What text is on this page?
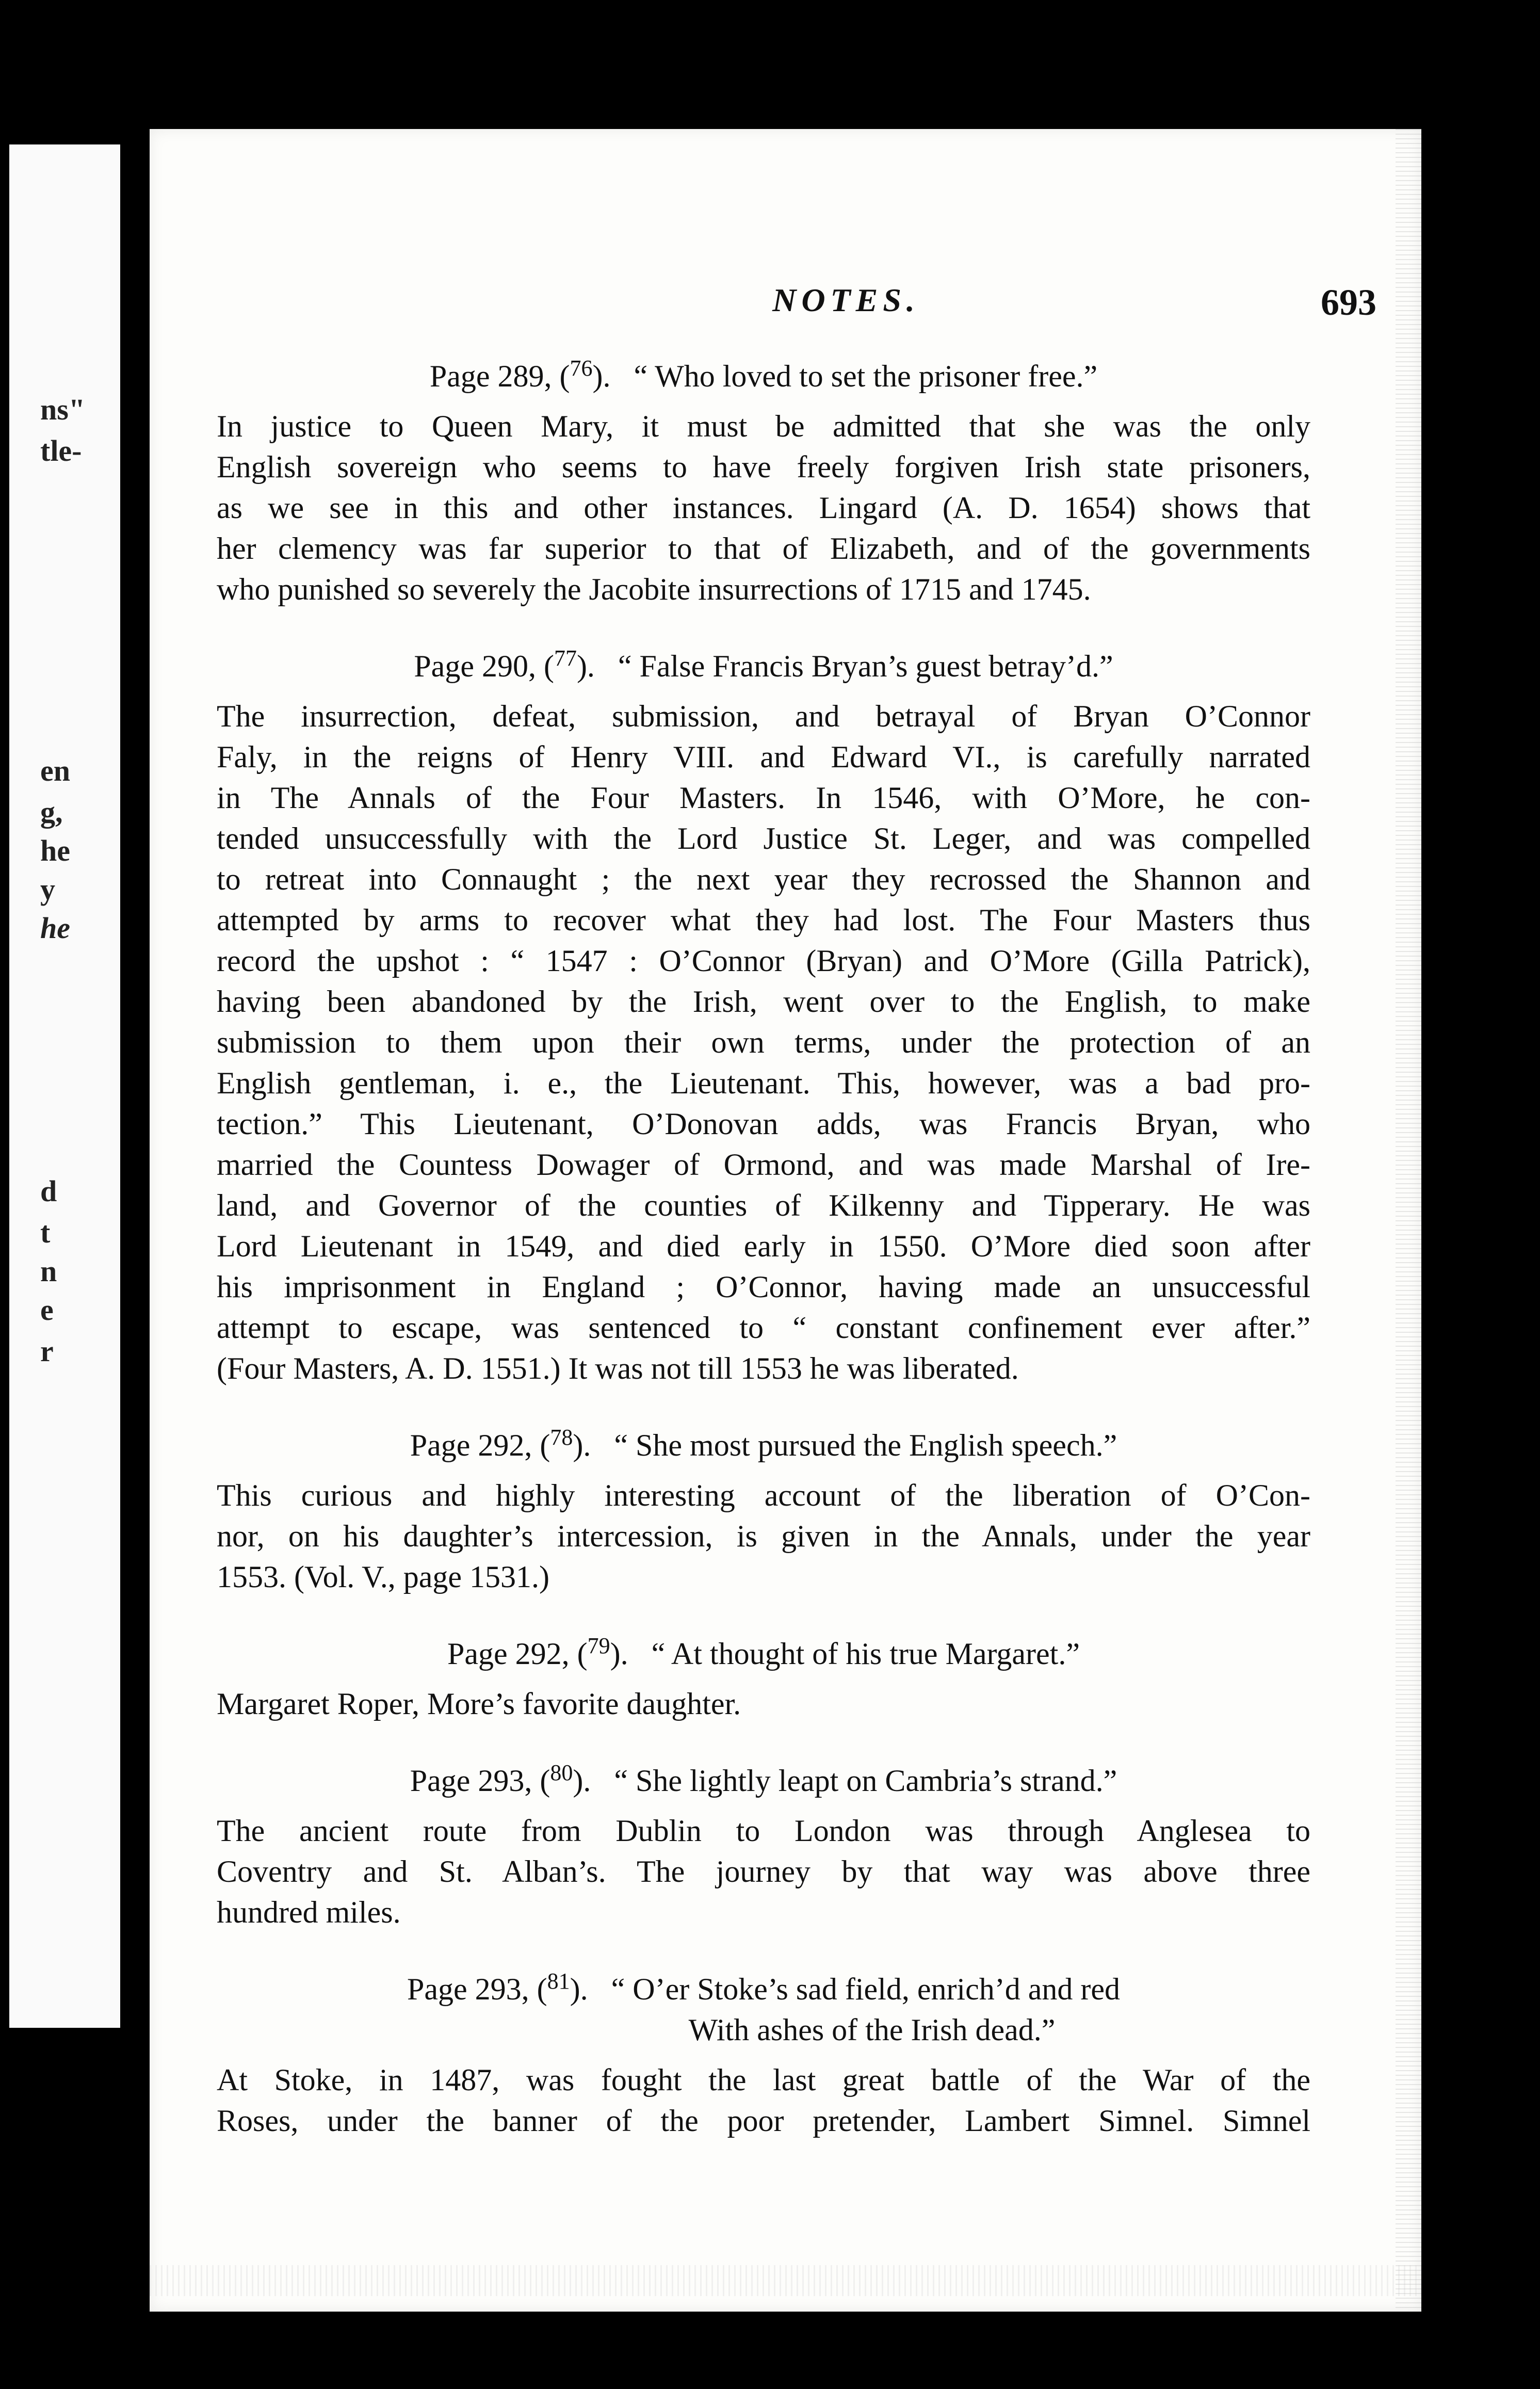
ns"
tle-
en
g,
he
y
he
d
t
n
e
r
NOTES.	693
Page 289, ($^{76}$). “ Who loved to set the prisoner free.”
In justice to Queen Mary, it must be admitted that she was the only
English sovereign who seems to have freely forgiven Irish state prisoners,
as we see in this and other instances. Lingard (A. D. 1654) shows that
her clemency was far superior to that of Elizabeth, and of the governments
who punished so severely the Jacobite insurrections of 1715 and 1745.
Page 290, ($^{77}$). “ False Francis Bryan’s guest betray’d.”
The insurrection, defeat, submission, and betrayal of Bryan O’Connor
Faly, in the reigns of Henry VIII. and Edward VI., is carefully narrated
in The Annals of the Four Masters. In 1546, with O’More, he con-
tended unsuccessfully with the Lord Justice St. Leger, and was compelled
to retreat into Connaught ; the next year they recrossed the Shannon and
attempted by arms to recover what they had lost. The Four Masters thus
record the upshot : “ 1547 : O’Connor (Bryan) and O’More (Gilla Patrick),
having been abandoned by the Irish, went over to the English, to make
submission to them upon their own terms, under the protection of an
English gentleman, i. e., the Lieutenant. This, however, was a bad pro-
tection.” This Lieutenant, O’Donovan adds, was Francis Bryan, who
married the Countess Dowager of Ormond, and was made Marshal of Ire-
land, and Governor of the counties of Kilkenny and Tipperary. He was
Lord Lieutenant in 1549, and died early in 1550. O’More died soon after
his imprisonment in England ; O’Connor, having made an unsuccessful
attempt to escape, was sentenced to “ constant confinement ever after.”
(Four Masters, A. D. 1551.) It was not till 1553 he was liberated.
Page 292, ($^{78}$). “ She most pursued the English speech.”
This curious and highly interesting account of the liberation of O’Con-
nor, on his daughter’s intercession, is given in the Annals, under the year
1553. (Vol. V., page 1531.)
Page 292, ($^{79}$). “ At thought of his true Margaret.”
Margaret Roper, More’s favorite daughter.
Page 293, ($^{80}$). “ She lightly leapt on Cambria’s strand.”
The ancient route from Dublin to London was through Anglesea to
Coventry and St. Alban’s. The journey by that way was above three
hundred miles.
Page 293, ($^{81}$). “ O’er Stoke’s sad field, enrich’d and red
With ashes of the Irish dead.”
At Stoke, in 1487, was fought the last great battle of the War of the
Roses, under the banner of the poor pretender, Lambert Simnel. Simnel
